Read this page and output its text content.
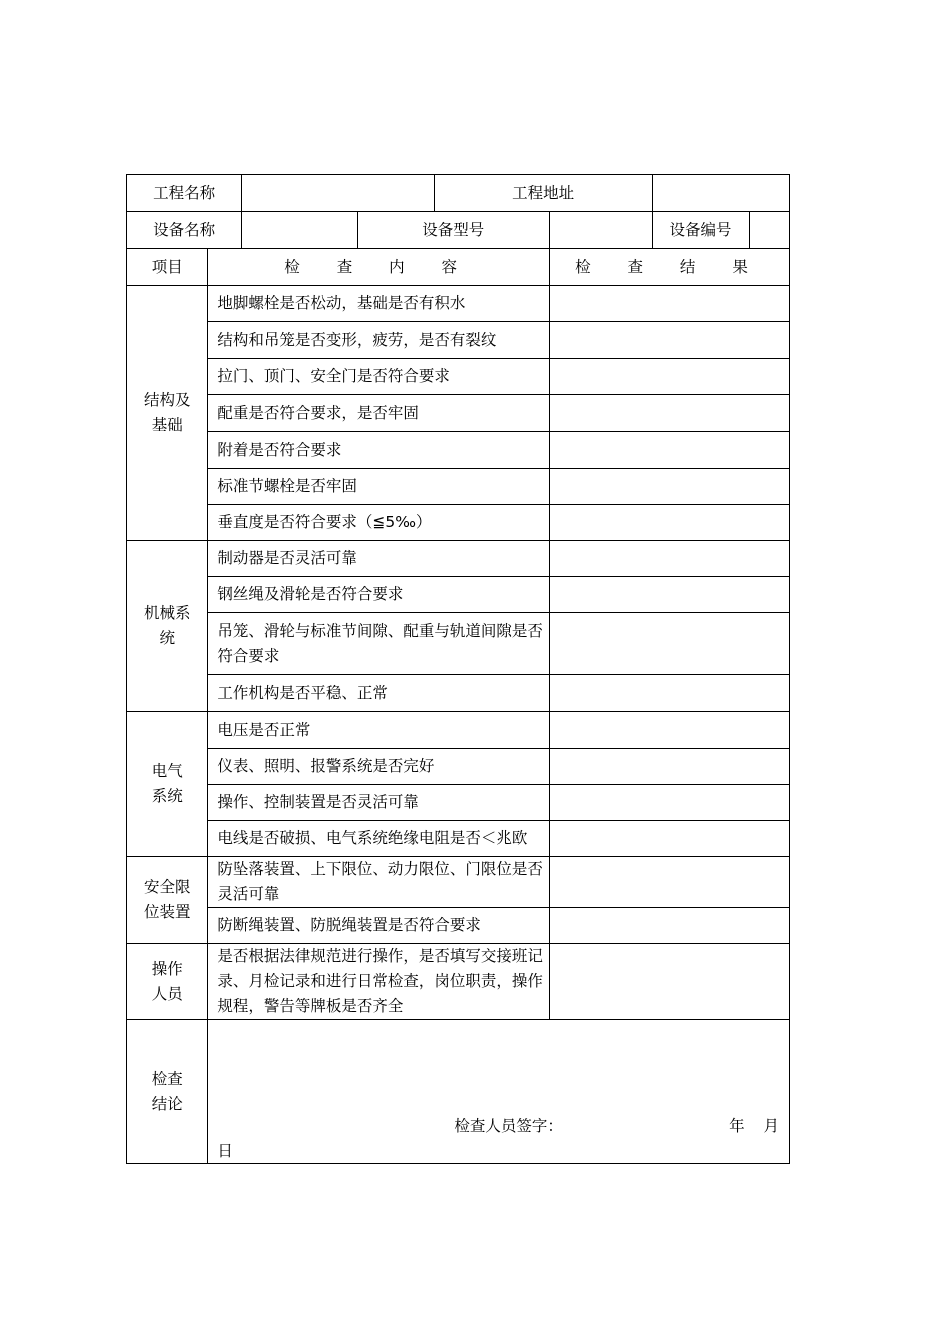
工程名称				工程地址		
设备名称			设备型号			设备编号

项目	检 查 内 容				检 查 结 果	
结构及
基础	地脚螺栓是否松动，基础是否有积水					
	结构和吊笼是否变形，疲劳，是否有裂纹					
	拉门、顶门、安全门是否符合要求					
	配重是否符合要求，是否牢固					
	附着是否符合要求					
	标准节螺栓是否牢固					
	垂直度是否符合要求（≦5‰）					
机械系
统	制动器是否灵活可靠					
	钢丝绳及滑轮是否符合要求					
	吊笼、滑轮与标准节间隙、配重与轨道间隙是否符合要求					
	工作机构是否平稳、正常					
电气
系统	电压是否正常					
	仪表、照明、报警系统是否完好					
	操作、控制装置是否灵活可靠					
	电线是否破损、电气系统绝缘电阻是否＜兆欧					
安全限
位装置	防坠落装置、上下限位、动力限位、门限位是否灵活可靠					
	防断绳装置、防脱绳装置是否符合要求					
操作
人员	是否根据法律规范进行操作，是否填写交接班记录、月检记录和进行日常检查，岗位职责，操作规程，警告等牌板是否齐全					
检查
结论	检查人员签字： 年 月
日					
